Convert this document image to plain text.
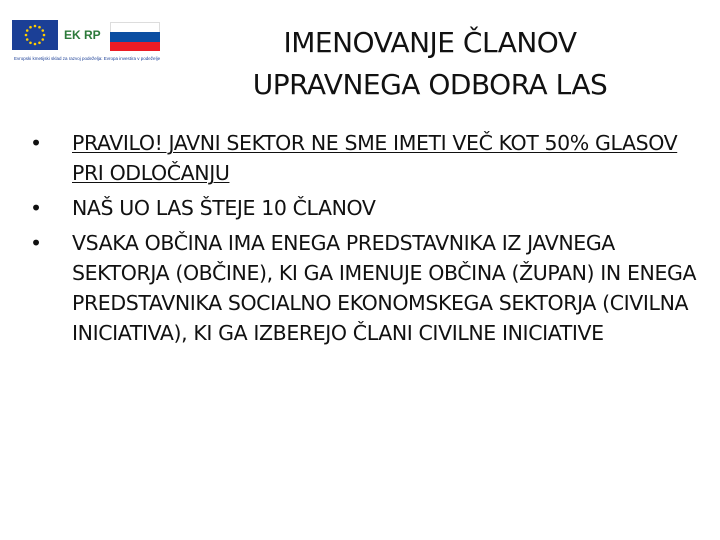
EK RP
Evropski kmetijski sklad za razvoj podeželja: Evropa investira v podeželje	IMENOVANJE ČLANOV
UPRAVNEGA ODBORA LAS
•	PRAVILO! JAVNI SEKTOR NE SME IMETI VEČ KOT 50% GLASOV PRI ODLOČANJU
•	NAŠ UO LAS ŠTEJE 10 ČLANOV
•	VSAKA OBČINA IMA ENEGA PREDSTAVNIKA IZ JAVNEGA SEKTORJA (OBČINE), KI GA IMENUJE OBČINA (ŽUPAN) IN ENEGA PREDSTAVNIKA SOCIALNO EKONOMSKEGA SEKTORJA (CIVILNA INICIATIVA), KI GA IZBEREJO ČLANI CIVILNE INICIATIVE
